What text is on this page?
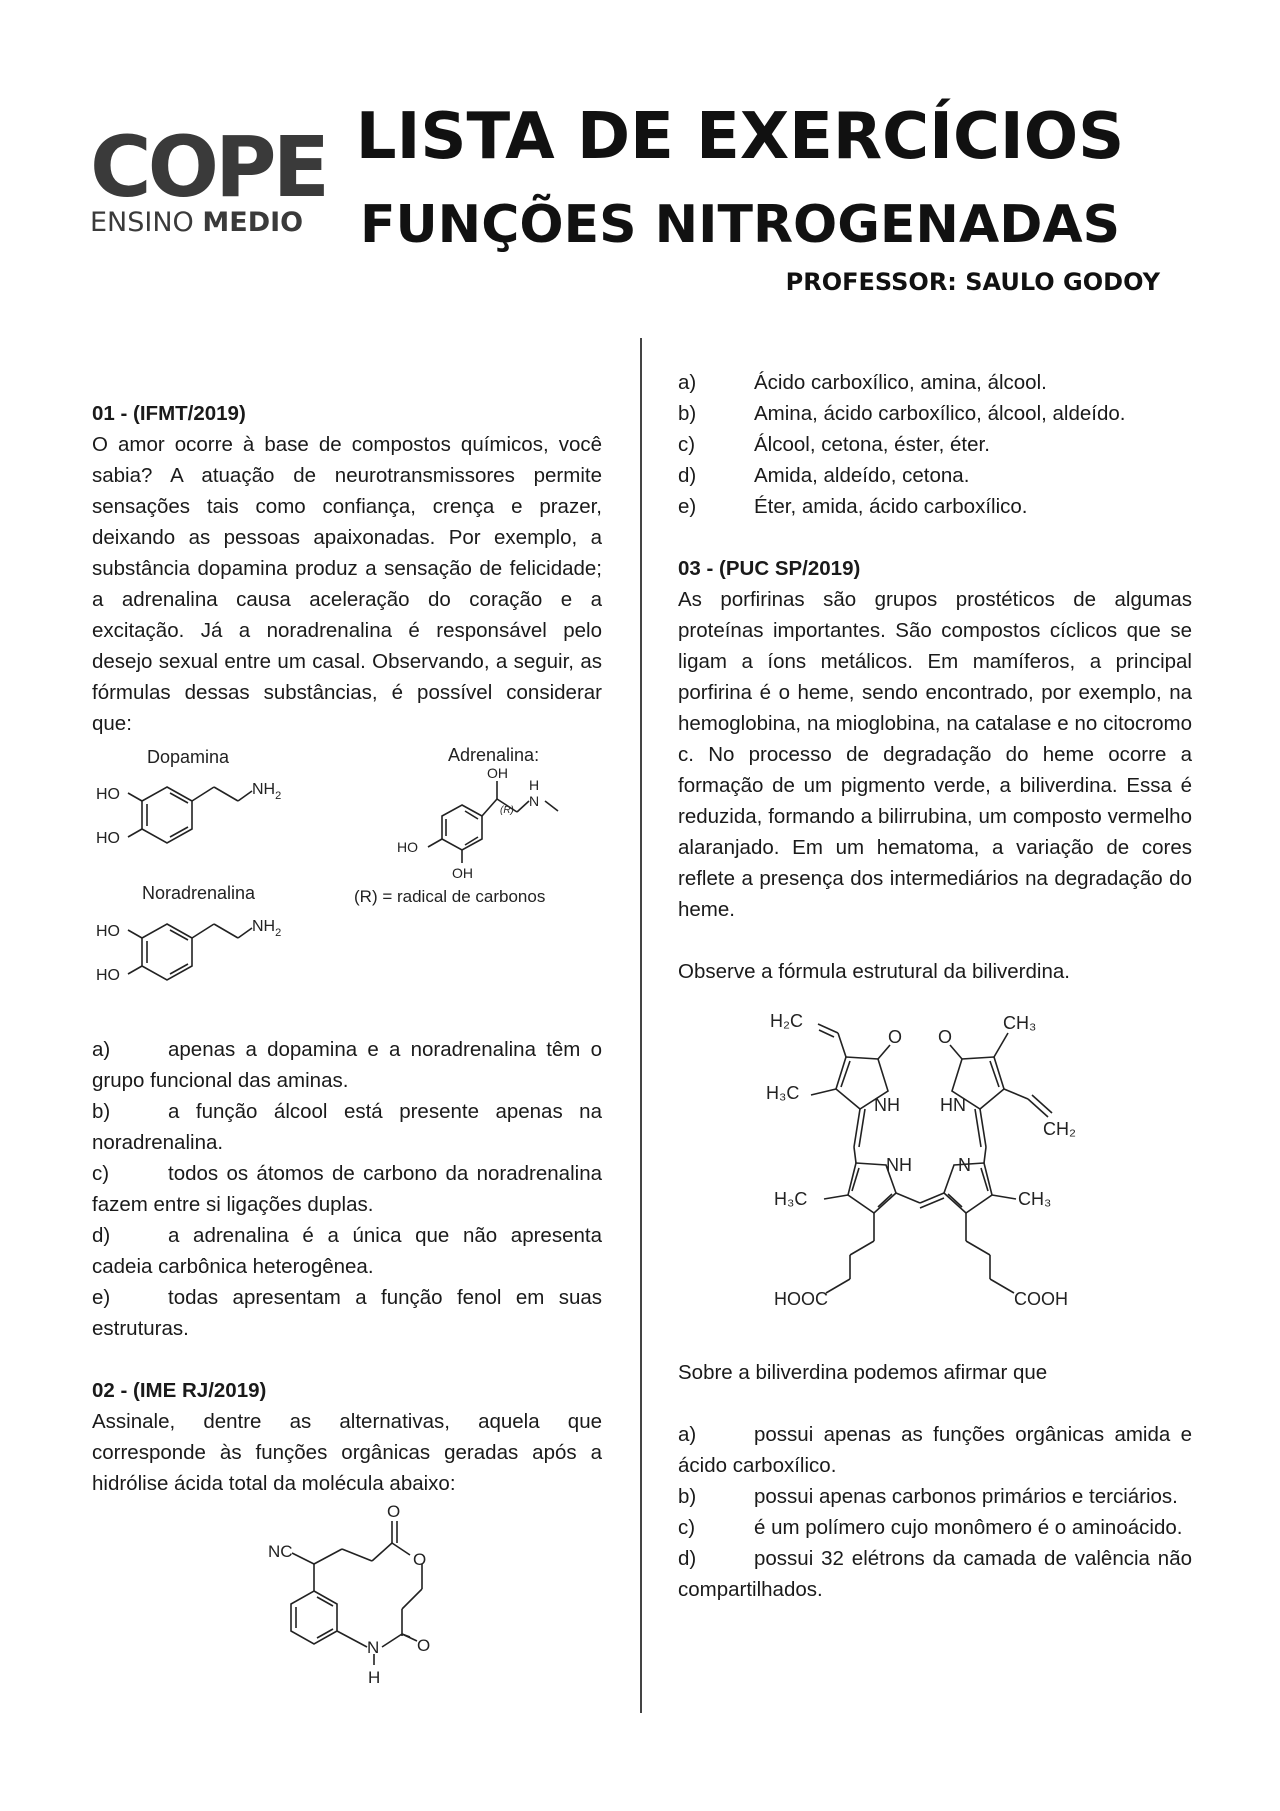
COPE
ENSINO MEDIO
LISTA DE EXERCÍCIOS
FUNÇÕES NITROGENADAS
PROFESSOR: SAULO GODOY

01 - (IFMT/2019)

O amor ocorre à base de compostos químicos, você sabia? A atuação de neurotransmissores permite sensações tais como confiança, crença e prazer, deixando as pessoas apaixonadas. Por exemplo, a substância dopamina produz a sensação de felicidade; a adrenalina causa aceleração do coração e a excitação. Já a noradrenalina é responsável pelo desejo sexual entre um casal. Observando, a seguir, as fórmulas dessas substâncias, é possível considerar que:

Dopamina
HO
HO
$NH_2$
Noradrenalina
HO
HO
$NH_2$
Adrenalina:
OH
(R)
H
N
HO
OH
(R) = radical de carbonos

a)	apenas a dopamina e a noradrenalina têm o grupo funcional das aminas.

b)	a função álcool está presente apenas na noradrenalina.

c)	todos os átomos de carbono da noradrenalina fazem entre si ligações duplas.

d)	a adrenalina é a única que não apresenta cadeia carbônica heterogênea.

e)	todas apresentam a função fenol em suas estruturas.

02 - (IME RJ/2019)

Assinale, dentre as alternativas, aquela que corresponde às funções orgânicas geradas após a hidrólise ácida total da molécula abaixo:

NC
O
O
O
N
H

a)	Ácido carboxílico, amina, álcool.

b)	Amina, ácido carboxílico, álcool, aldeído.

c)	Álcool, cetona, éster, éter.

d)	Amida, aldeído, cetona.

e)	Éter, amida, ácido carboxílico.

03 - (PUC SP/2019)

As porfirinas são grupos prostéticos de algumas proteínas importantes. São compostos cíclicos que se ligam a íons metálicos. Em mamíferos, a principal porfirina é o heme, sendo encontrado, por exemplo, na hemoglobina, na mioglobina, na catalase e no citocromo c. No processo de degradação do heme ocorre a formação de um pigmento verde, a biliverdina. Essa é reduzida, formando a bilirrubina, um composto vermelho alaranjado. Em um hematoma, a variação de cores reflete a presença dos intermediários na degradação do heme.

Observe a fórmula estrutural da biliverdina.

H₂C
O O
CH₃
H₃C
NH HN
CH₂
NH	N
H₃C	CH₃
HOOC	COOH

Sobre a biliverdina podemos afirmar que

a)	possui apenas as funções orgânicas amida e ácido carboxílico.

b)	possui apenas carbonos primários e terciários.

c)	é um polímero cujo monômero é o aminoácido.

d)	possui 32 elétrons da camada de valência não compartilhados.
